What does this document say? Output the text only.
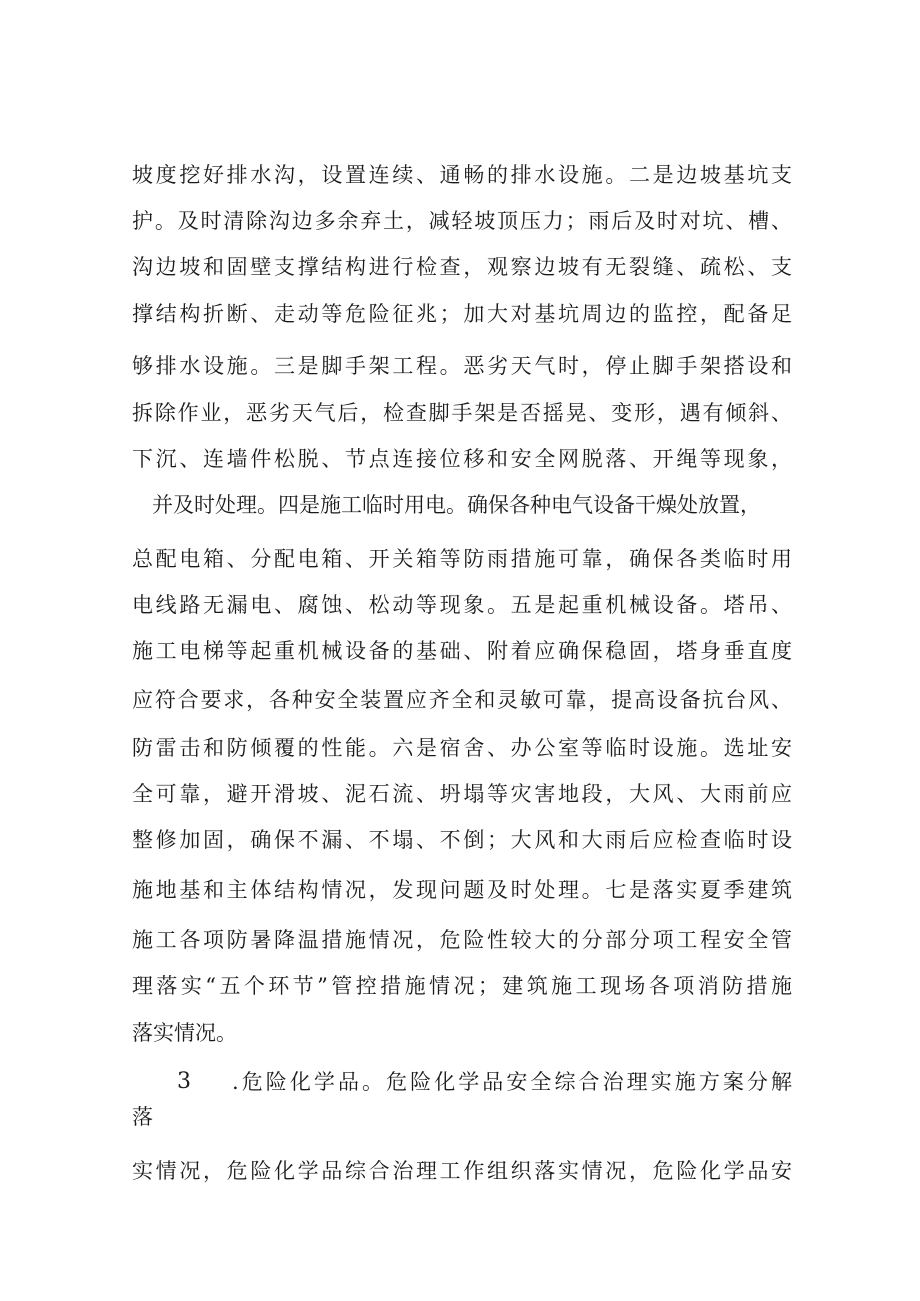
坡度挖好排水沟，设置连续、通畅的排水设施。二是边坡基坑支
护。及时清除沟边多余弃土，减轻坡顶压力；雨后及时对坑、槽、
沟边坡和固壁支撑结构进行检查，观察边坡有无裂缝、疏松、支
撑结构折断、走动等危险征兆；加大对基坑周边的监控，配备足
够排水设施。三是脚手架工程。恶劣天气时，停止脚手架搭设和
拆除作业，恶劣天气后，检查脚手架是否摇晃、变形，遇有倾斜、
下沉、连墙件松脱、节点连接位移和安全网脱落、开绳等现象，
并及时处理。四是施工临时用电。确保各种电气设备干燥处放置，
总配电箱、分配电箱、开关箱等防雨措施可靠，确保各类临时用
电线路无漏电、腐蚀、松动等现象。五是起重机械设备。塔吊、
施工电梯等起重机械设备的基础、附着应确保稳固，塔身垂直度
应符合要求，各种安全装置应齐全和灵敏可靠，提高设备抗台风、
防雷击和防倾覆的性能。六是宿舍、办公室等临时设施。选址安
全可靠，避开滑坡、泥石流、坍塌等灾害地段，大风、大雨前应
整修加固，确保不漏、不塌、不倒；大风和大雨后应检查临时设
施地基和主体结构情况，发现问题及时处理。七是落实夏季建筑
施工各项防暑降温措施情况，危险性较大的分部分项工程安全管
理落实“五个环节”管控措施情况；建筑施工现场各项消防措施
落实情况。
3 .危险化学品。危险化学品安全综合治理实施方案分解
落
实情况，危险化学品综合治理工作组织落实情况，危险化学品安
